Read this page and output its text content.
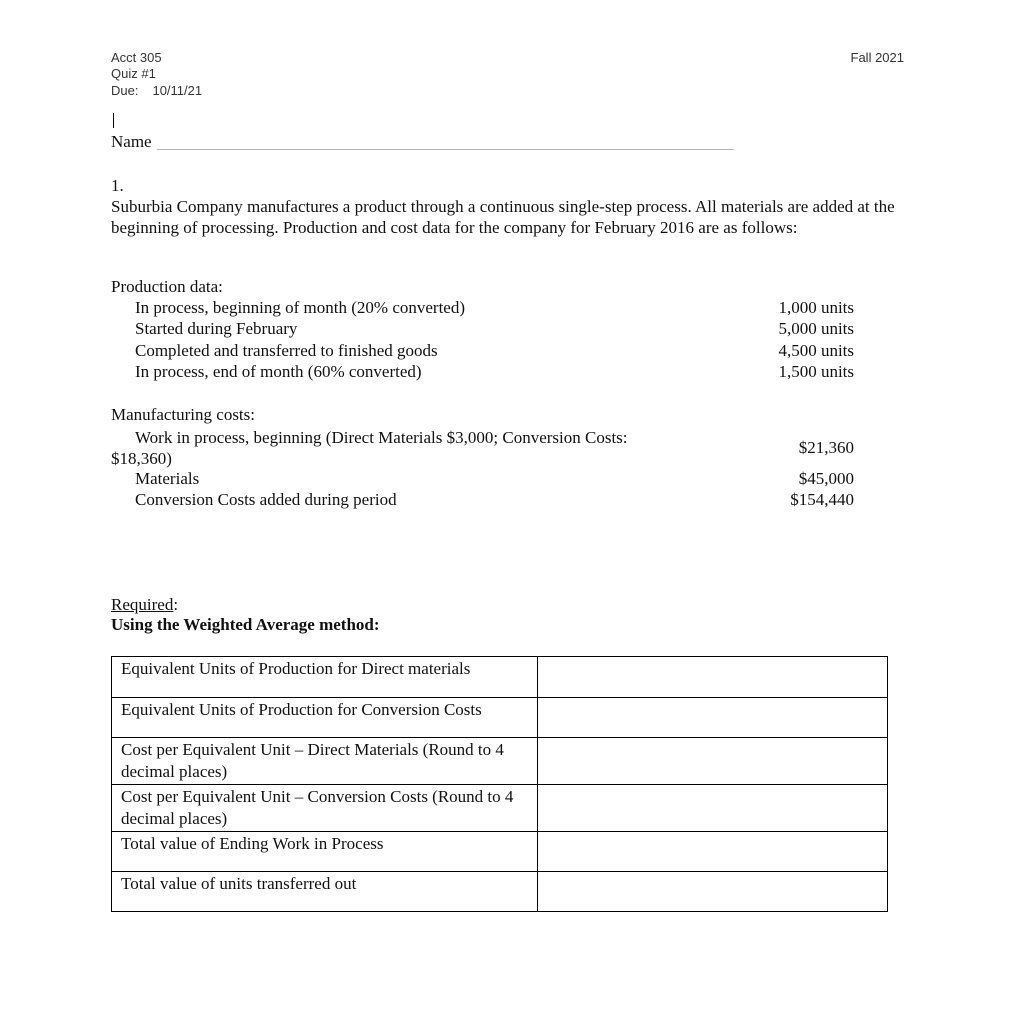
Acct 305
Quiz #1
Due: 10/11/21
Fall 2021
Name
1.
Suburbia Company manufactures a product through a continuous single-step process. All materials are added at the beginning of processing. Production and cost data for the company for February 2016 are as follows:
Production data:
In process, beginning of month (20% converted)	1,000 units
Started during February	5,000 units
Completed and transferred to finished goods	4,500 units
In process, end of month (60% converted)	1,500 units
Manufacturing costs:
Work in process, beginning (Direct Materials $3,000; Conversion Costs:
$18,360)
$21,360
Materials	$45,000
Conversion Costs added during period	$154,440
Required:
Using the Weighted Average method:
Equivalent Units of Production for Direct materials	
Equivalent Units of Production for Conversion Costs	
Cost per Equivalent Unit – Direct Materials (Round to 4 decimal places)	
Cost per Equivalent Unit – Conversion Costs (Round to 4 decimal places)	
Total value of Ending Work in Process	
Total value of units transferred out	
